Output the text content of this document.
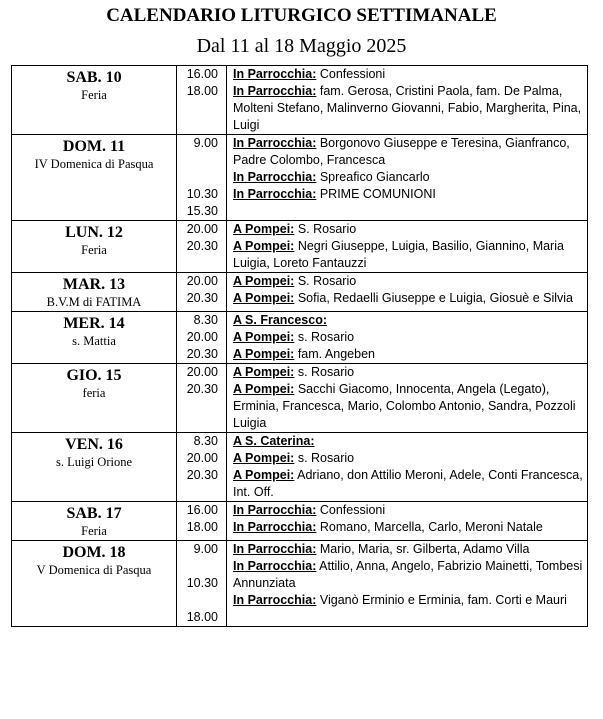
CALENDARIO LITURGICO SETTIMANALE
Dal 11 al 18 Maggio 2025
SAB. 10
Feria
16.00
18.00
In Parrocchia: Confessioni
In Parrocchia: fam. Gerosa, Cristini Paola, fam. De Palma, Molteni Stefano, Malinverno Giovanni, Fabio, Margherita, Pina, Luigi
DOM. 11
IV Domenica di Pasqua
9.00
10.30
15.30
In Parrocchia: Borgonovo Giuseppe e Teresina, Gianfranco, Padre Colombo, Francesca
In Parrocchia: Spreafico Giancarlo
In Parrocchia: PRIME COMUNIONI
LUN. 12
Feria
20.00
20.30
A Pompei: S. Rosario
A Pompei: Negri Giuseppe, Luigia, Basilio, Giannino, Maria Luigia, Loreto Fantauzzi
MAR. 13
B.V.M di FATIMA
20.00
20.30
A Pompei: S. Rosario
A Pompei: Sofia, Redaelli Giuseppe e Luigia, Giosuè e Silvia
MER. 14
s. Mattia
8.30
20.00
20.30
A S. Francesco:
A Pompei: s. Rosario
A Pompei: fam. Angeben
GIO. 15
feria
20.00
20.30
A Pompei: s. Rosario
A Pompei: Sacchi Giacomo, Innocenta, Angela (Legato), Erminia, Francesca, Mario, Colombo Antonio, Sandra, Pozzoli Luigia
VEN. 16
s. Luigi Orione
8.30
20.00
20.30
A S. Caterina:
A Pompei: s. Rosario
A Pompei: Adriano, don Attilio Meroni, Adele, Conti Francesca, Int. Off.
SAB. 17
Feria
16.00
18.00
In Parrocchia: Confessioni
In Parrocchia: Romano, Marcella, Carlo, Meroni Natale
DOM. 18
V Domenica di Pasqua
9.00
10.30
18.00
In Parrocchia: Mario, Maria, sr. Gilberta, Adamo Villa
In Parrocchia: Attilio, Anna, Angelo, Fabrizio Mainetti, Tombesi Annunziata
In Parrocchia: Viganò Erminio e Erminia, fam. Corti e Mauri
